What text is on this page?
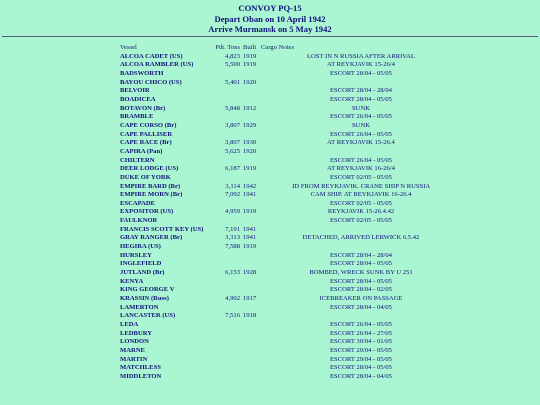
CONVOY PQ-15
Depart Oban on 10 April 1942
Arrive Murmansk on 5 May 1942
Vessel	Pdt. Tons	Built	Cargo Notes
ALCOA CADET (US)	4,823	1919	LOST IN N RUSSIA AFTER ARRIVAL
ALCOA RAMBLER (US)	5,500	1919	AT REYKJAVIK 15-26/4
BADSWORTH			ESCORT 28/04 - 05/05
BAYOU CHICO (US)	5,401	1920	
BELVOIR			ESCORT 28/04 - 28/04
BOADICEA			ESCORT 28/04 - 05/05
BOTAVON (Br)	5,848	1912	SUNK
BRAMBLE			ESCORT 26/04 - 05/05
CAPE CORSO (Br)	3,807	1929	SUNK
CAPE PALLISER			ESCORT 26/04 - 05/05
CAPE RACE (Br)	3,807	1930	AT REYKJAVIK 15-26.4
CAPIRA (Pan)	5,625	1920	
CHILTERN			ESCORT 26/04 - 05/05
DEER LODGE (US)	6,187	1919	AT REYKJAVIK 16-26/4
DUKE OF YORK			ESCORT 02/05 - 05/05
EMPIRE BARD (Br)	3,114	1942	JD FROM REYKJAVIK. CRANE SHIP N RUSSIA
EMPIRE MORN (Br)	7,092	1941	CAM SHIP. AT REYKJAVIK 16-26.4
ESCAPADE			ESCORT 02/05 - 05/05
EXPOSITOR (US)	4,959	1919	REYKJAVIK 15-26.4.42
FAULKNOR			ESCORT 02/05 - 05/05
FRANCIS SCOTT KEY (US)	7,191	1941	
GRAY RANGER (Br)	3,313	1941	DETACHED, ARRIVED LERWICK 6.5.42
HEGIRA (US)	7,588	1919	
HURSLEY			ESCORT 28/04 - 28/04
INGLEFIELD			ESCORT 28/04 - 05/05
JUTLAND (Br)	6,153	1928	BOMBED, WRECK SUNK BY U 251
KENYA			ESCORT 28/04 - 05/05
KING GEORGE V			ESCORT 28/04 - 02/05
KRASSIN (Russ)	4,902	1917	ICEBREAKER ON PASSAGE
LAMERTON			ESCORT 28/04 - 04/05
LANCASTER (US)	7,516	1918	
LEDA			ESCORT 26/04 - 05/05
LEDBURY			ESCORT 26/04 - 27/05
LONDON			ESCORT 30/04 - 01/05
MARNE			ESCORT 29/04 - 05/05
MARTIN			ESCORT 29/04 - 05/05
MATCHLESS			ESCORT 28/04 - 05/05
MIDDLETON			ESCORT 28/04 - 04/05
